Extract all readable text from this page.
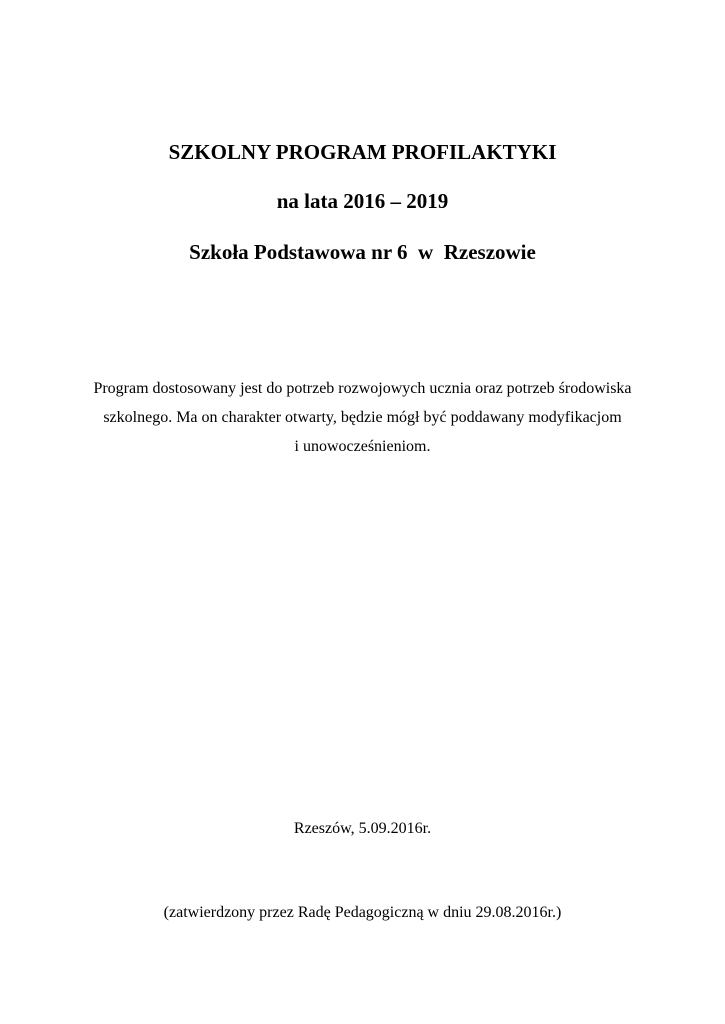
SZKOLNY PROGRAM PROFILAKTYKI
na lata 2016 – 2019
Szkoła Podstawowa nr 6  w  Rzeszowie
Program dostosowany jest do potrzeb rozwojowych ucznia oraz potrzeb środowiska
szkolnego. Ma on charakter otwarty, będzie mógł być poddawany modyfikacjom
i unowocześnieniom.
Rzeszów, 5.09.2016r.
(zatwierdzony przez Radę Pedagogiczną w dniu 29.08.2016r.)
